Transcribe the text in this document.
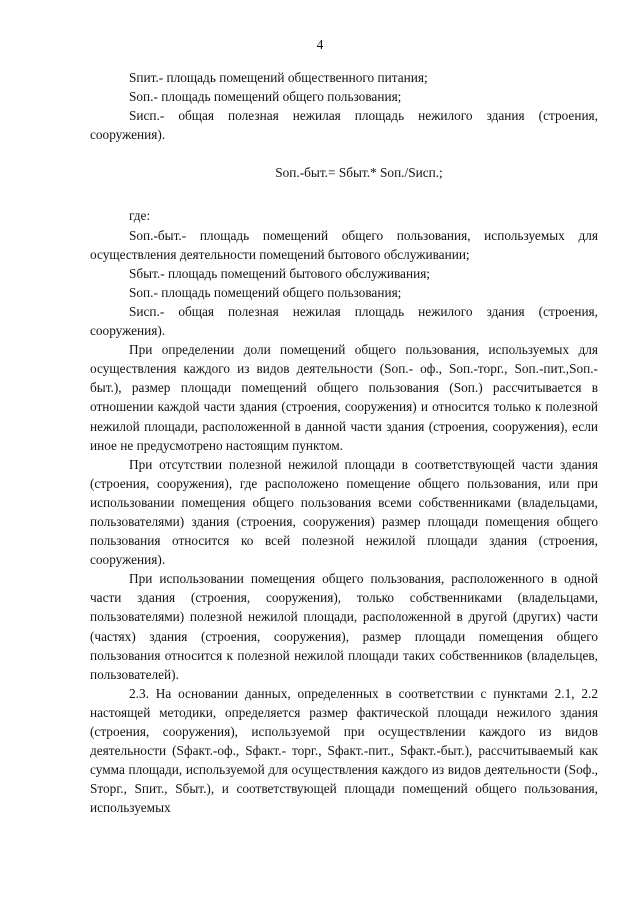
4

Sпит.- площадь помещений общественного питания;

Sоп.- площадь помещений общего пользования;

Sисп.- общая полезная нежилая площадь нежилого здания (строения, сооружения).

Sоп.-быт.= Sбыт.* Sоп./Sисп.;

где:

Sоп.-быт.- площадь помещений общего пользования, используемых для осуществления деятельности помещений бытового обслуживании;

Sбыт.- площадь помещений бытового обслуживания;

Sоп.- площадь помещений общего пользования;

Sисп.- общая полезная нежилая площадь нежилого здания (строения, сооружения).

При определении доли помещений общего пользования, используемых для осуществления каждого из видов деятельности (Sоп.- оф., Sоп.-торг., Sоп.-пит.,Sоп.-быт.), размер площади помещений общего пользования (Sоп.) рассчитывается в отношении каждой части здания (строения, сооружения) и относится только к полезной нежилой площади, расположенной в данной части здания (строения, сооружения), если иное не предусмотрено настоящим пунктом.

При отсутствии полезной нежилой площади в соответствующей части здания (строения, сооружения), где расположено помещение общего пользования, или при использовании помещения общего пользования всеми собственниками (владельцами, пользователями) здания (строения, сооружения) размер площади помещения общего пользования относится ко всей полезной нежилой площади здания (строения, сооружения).

При использовании помещения общего пользования, расположенного в одной части здания (строения, сооружения), только собственниками (владельцами, пользователями) полезной нежилой площади, расположенной в другой (других) части (частях) здания (строения, сооружения), размер площади помещения общего пользования относится к полезной нежилой площади таких собственников (владельцев, пользователей).

2.3. На основании данных, определенных в соответствии с пунктами 2.1, 2.2 настоящей методики, определяется размер фактической площади нежилого здания (строения, сооружения), используемой при осуществлении каждого из видов деятельности (Sфакт.-оф., Sфакт.- торг., Sфакт.-пит., Sфакт.-быт.), рассчитываемый как сумма площади, используемой для осуществления каждого из видов деятельности (Sоф., Sторг., Sпит., Sбыт.), и соответствующей площади помещений общего пользования, используемых
